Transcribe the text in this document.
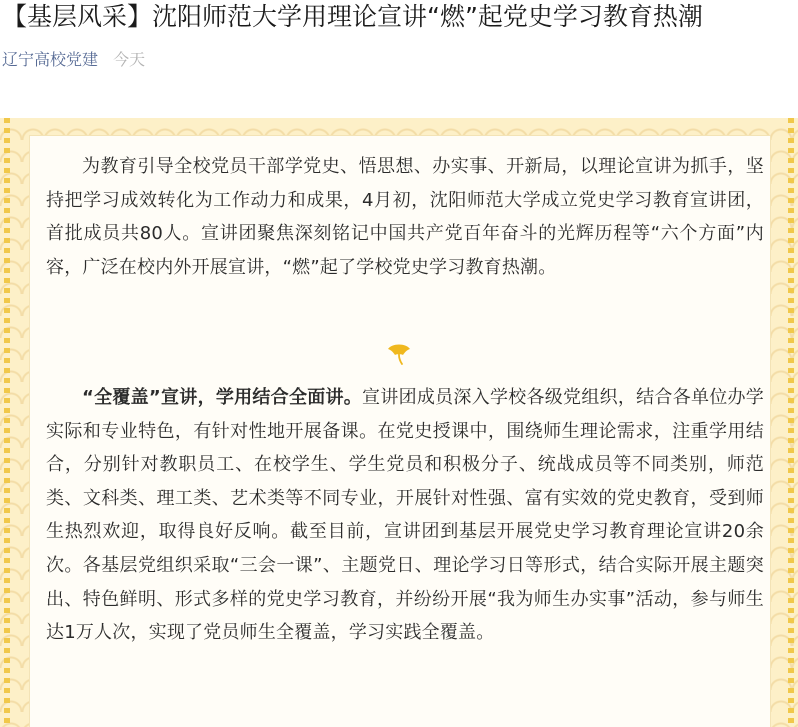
【基层风采】沈阳师范大学用理论宣讲“燃”起党史学习教育热潮
辽宁高校党建 今天

为教育引导全校党员干部学党史、悟思想、办实事、开新局，以理论宣讲为抓手，坚持把学习成效转化为工作动力和成果，4月初，沈阳师范大学成立党史学习教育宣讲团，首批成员共80人。宣讲团聚焦深刻铭记中国共产党百年奋斗的光辉历程等“六个方面”内容，广泛在校内外开展宣讲，“燃”起了学校党史学习教育热潮。

“全覆盖”宣讲，学用结合全面讲。宣讲团成员深入学校各级党组织，结合各单位办学实际和专业特色，有针对性地开展备课。在党史授课中，围绕师生理论需求，注重学用结合，分别针对教职员工、在校学生、学生党员和积极分子、统战成员等不同类别，师范类、文科类、理工类、艺术类等不同专业，开展针对性强、富有实效的党史教育，受到师生热烈欢迎，取得良好反响。截至目前，宣讲团到基层开展党史学习教育理论宣讲20余次。各基层党组织采取“三会一课”、主题党日、理论学习日等形式，结合实际开展主题突出、特色鲜明、形式多样的党史学习教育，并纷纷开展“我为师生办实事”活动，参与师生达1万人次，实现了党员师生全覆盖，学习实践全覆盖。
